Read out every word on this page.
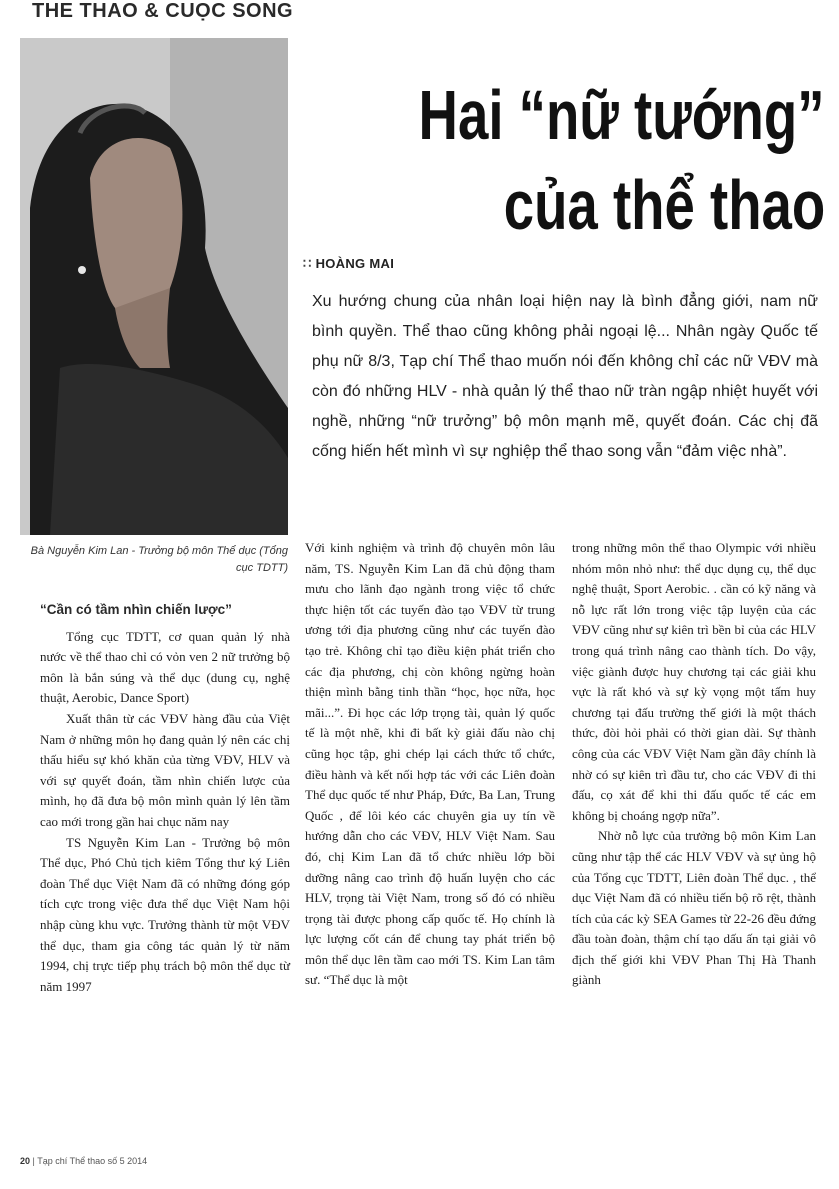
THE THAO & CUỌC SONG
Hai “nữ tướng”
của thể thao
∷ HOÀNG MAI
Xu hướng chung của nhân loại hiện nay là bình đẳng giới, nam nữ bình quyền. Thể thao cũng không phải ngoại lệ... Nhân ngày Quốc tế phụ nữ 8/3, Tạp chí Thể thao muốn nói đến không chỉ các nữ VĐV mà còn đó những HLV - nhà quản lý thể thao nữ tràn ngập nhiệt huyết với nghề, những “nữ trưởng” bộ môn mạnh mẽ, quyết đoán. Các chị đã cống hiến hết mình vì sự nghiệp thể thao song vẫn “đảm việc nhà”.
Bà Nguyễn Kim Lan - Trưởng bộ môn Thể dục (Tổng cục TDTT)

“Cần có tầm nhìn chiến lược”

Tổng cục TDTT, cơ quan quản lý nhà nước về thể thao chỉ có vỏn ven 2 nữ trưởng bộ môn là bắn súng và thể dục (dung cụ, nghệ thuật, Aerobic, Dance Sport)

Xuất thân từ các VĐV hàng đầu của Việt Nam ở những môn họ đang quản lý nên các chị thấu hiểu sự khó khăn của từng VĐV, HLV và với sự quyết đoán, tầm nhìn chiến lược của mình, họ đã đưa bộ môn mình quản lý lên tầm cao mới trong gần hai chục năm nay

TS Nguyễn Kim Lan - Trưởng bộ môn Thể dục, Phó Chủ tịch kiêm Tổng thư ký Liên đoàn Thể dục Việt Nam đã có những đóng góp tích cực trong việc đưa thể dục Việt Nam hội nhập cùng khu vực. Trưởng thành từ một VĐV thể dục, tham gia công tác quản lý từ năm 1994, chị trực tiếp phụ trách bộ môn thể dục từ năm 1997

Với kinh nghiệm và trình độ chuyên môn lâu năm, TS. Nguyễn Kim Lan đã chủ động tham mưu cho lãnh đạo ngành trong việc tổ chức thực hiện tốt các tuyến đào tạo VĐV từ trung ương tới địa phương cũng như các tuyến đào tạo trẻ. Không chỉ tạo điều kiện phát triển cho các địa phương, chị còn không ngừng hoàn thiện mình bằng tinh thần “học, học nữa, học mãi...”. Đi học các lớp trọng tài, quản lý quốc tế là một nhẽ, khi đi bất kỳ giải đấu nào chị cũng học tập, ghi chép lại cách thức tổ chức, điều hành và kết nối hợp tác với các Liên đoàn Thể dục quốc tế như Pháp, Đức, Ba Lan, Trung Quốc , để lôi kéo các chuyên gia uy tín về hướng dẫn cho các VĐV, HLV Việt Nam. Sau đó, chị Kim Lan đã tổ chức nhiều lớp bồi dưỡng nâng cao trình độ huấn luyện cho các HLV, trọng tài Việt Nam, trong số đó có nhiều trọng tài được phong cấp quốc tế. Họ chính là lực lượng cốt cán để chung tay phát triển bộ môn thể dục lên tầm cao mới TS. Kim Lan tâm sư. “Thể dục là một

trong những môn thể thao Olympic với nhiều nhóm môn nhỏ như: thể dục dụng cụ, thể dục nghệ thuật, Sport Aerobic. . cần có kỹ năng và nỗ lực rất lớn trong việc tập luyện của các VĐV cũng như sự kiên trì bền bỉ của các HLV trong quá trình nâng cao thành tích. Do vậy, việc giành được huy chương tại các giải khu vực là rất khó và sự kỳ vọng một tấm huy chương tại đấu trường thế giới là một thách thức, đòi hỏi phải có thời gian dài. Sự thành công của các VĐV Việt Nam gần đây chính là nhờ có sự kiên trì đầu tư, cho các VĐV đi thi đấu, cọ xát để khi thi đấu quốc tế các em không bị choáng ngợp nữa”.

Nhờ nỗ lực của trưởng bộ môn Kim Lan cũng như tập thể các HLV VĐV và sự ủng hộ của Tổng cục TDTT, Liên đoàn Thể dục. , thể dục Việt Nam đã có nhiều tiến bộ rõ rệt, thành tích của các kỳ SEA Games từ 22-26 đều đứng đầu toàn đoàn, thậm chí tạo dấu ấn tại giải vô địch thế giới khi VĐV Phan Thị Hà Thanh giành

20 | Tạp chí Thể thao số 5 2014
